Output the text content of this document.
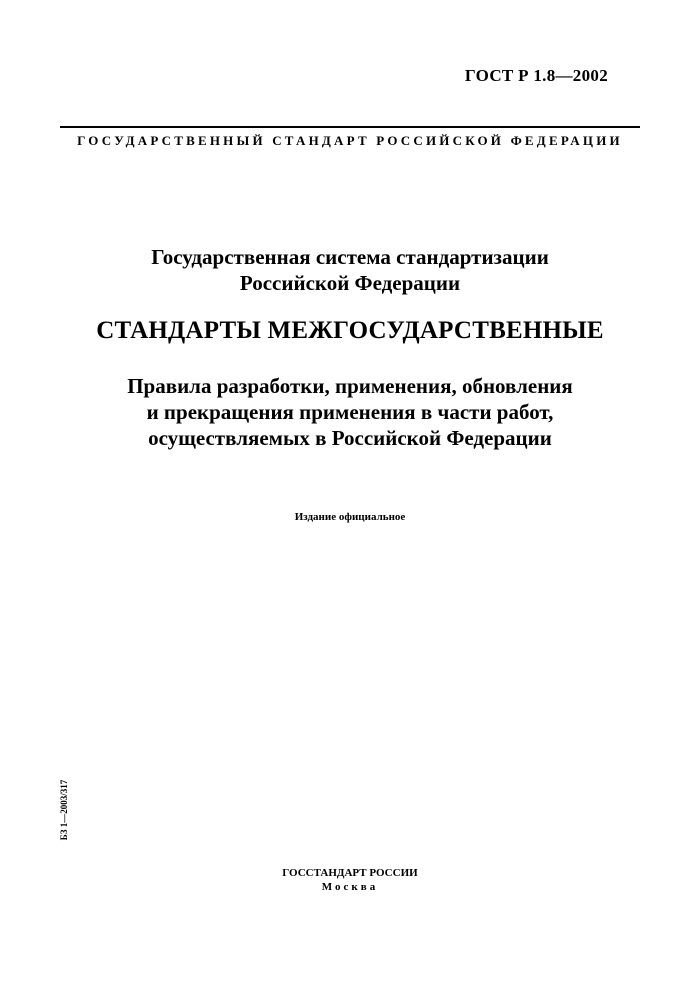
ГОСТ Р 1.8—2002
ГОСУДАРСТВЕННЫЙ СТАНДАРТ РОССИЙСКОЙ ФЕДЕРАЦИИ
Государственная система стандартизации
Российской Федерации
СТАНДАРТЫ МЕЖГОСУДАРСТВЕННЫЕ
Правила разработки, применения, обновления
и прекращения применения в части работ,
осуществляемых в Российской Федерации
Издание официальное
БЗ 1—2003/317
ГОССТАНДАРТ РОССИИ
Москва
